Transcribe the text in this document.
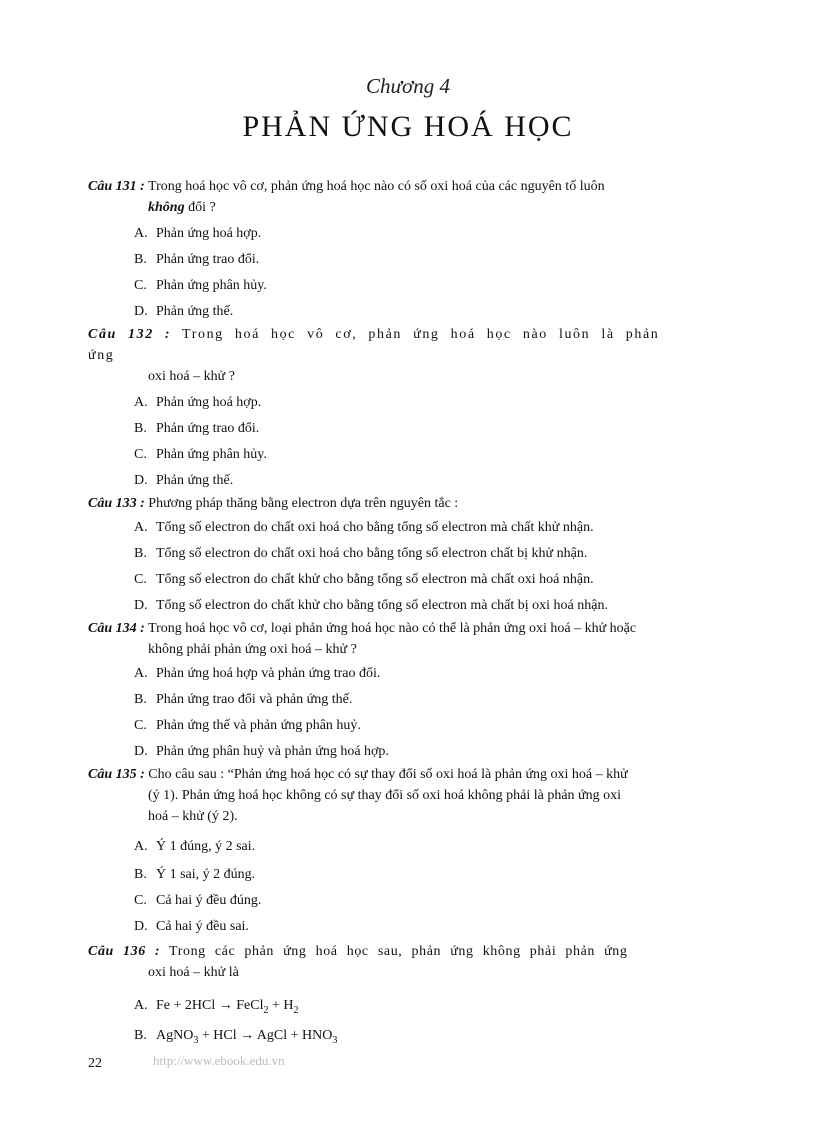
Chương 4
PHẢN ỨNG HOÁ HỌC
Câu 131 : Trong hoá học vô cơ, phản ứng hoá học nào có số oxi hoá của các nguyên tố luôn
không đổi ?
A. Phản ứng hoá hợp.
B. Phản ứng trao đổi.
C. Phản ứng phân hủy.
D. Phản ứng thế.
Câu 132 : Trong hoá học vô cơ, phản ứng hoá học nào luôn là phản ứng
oxi hoá – khử ?
A. Phản ứng hoá hợp.
B. Phản ứng trao đổi.
C. Phản ứng phân hủy.
D. Phản ứng thế.
Câu 133 : Phương pháp thăng bằng electron dựa trên nguyên tắc :
A. Tổng số electron do chất oxi hoá cho bằng tổng số electron mà chất khử nhận.
B. Tổng số electron do chất oxi hoá cho bằng tổng số electron chất bị khử nhận.
C. Tổng số electron do chất khử cho bằng tổng số electron mà chất oxi hoá nhận.
D. Tổng số electron do chất khử cho bằng tổng số electron mà chất bị oxi hoá nhận.
Câu 134 : Trong hoá học vô cơ, loại phản ứng hoá học nào có thể là phản ứng oxi hoá – khử hoặc
không phải phản ứng oxi hoá – khử ?
A. Phản ứng hoá hợp và phản ứng trao đổi.
B. Phản ứng trao đổi và phản ứng thế.
C. Phản ứng thế và phản ứng phân huỷ.
D. Phản ứng phân huỷ và phản ứng hoá hợp.
Câu 135 : Cho câu sau : “Phản ứng hoá học có sự thay đổi số oxi hoá là phản ứng oxi hoá – khử
(ý 1). Phản ứng hoá học không có sự thay đổi số oxi hoá không phải là phản ứng oxi
hoá – khử (ý 2).
A. Ý 1 đúng, ý 2 sai.
B. Ý 1 sai, ý 2 đúng.
C. Cả hai ý đều đúng.
D. Cả hai ý đều sai.
Câu 136 : Trong các phản ứng hoá học sau, phản ứng không phải phản ứng
oxi hoá – khử là
A. Fe + 2HCl → FeCl$_2$ + $H_2$
B. AgNO$_3$ + HCl → AgCl + $HNO_3$
22	http://www.ebook.edu.vn
